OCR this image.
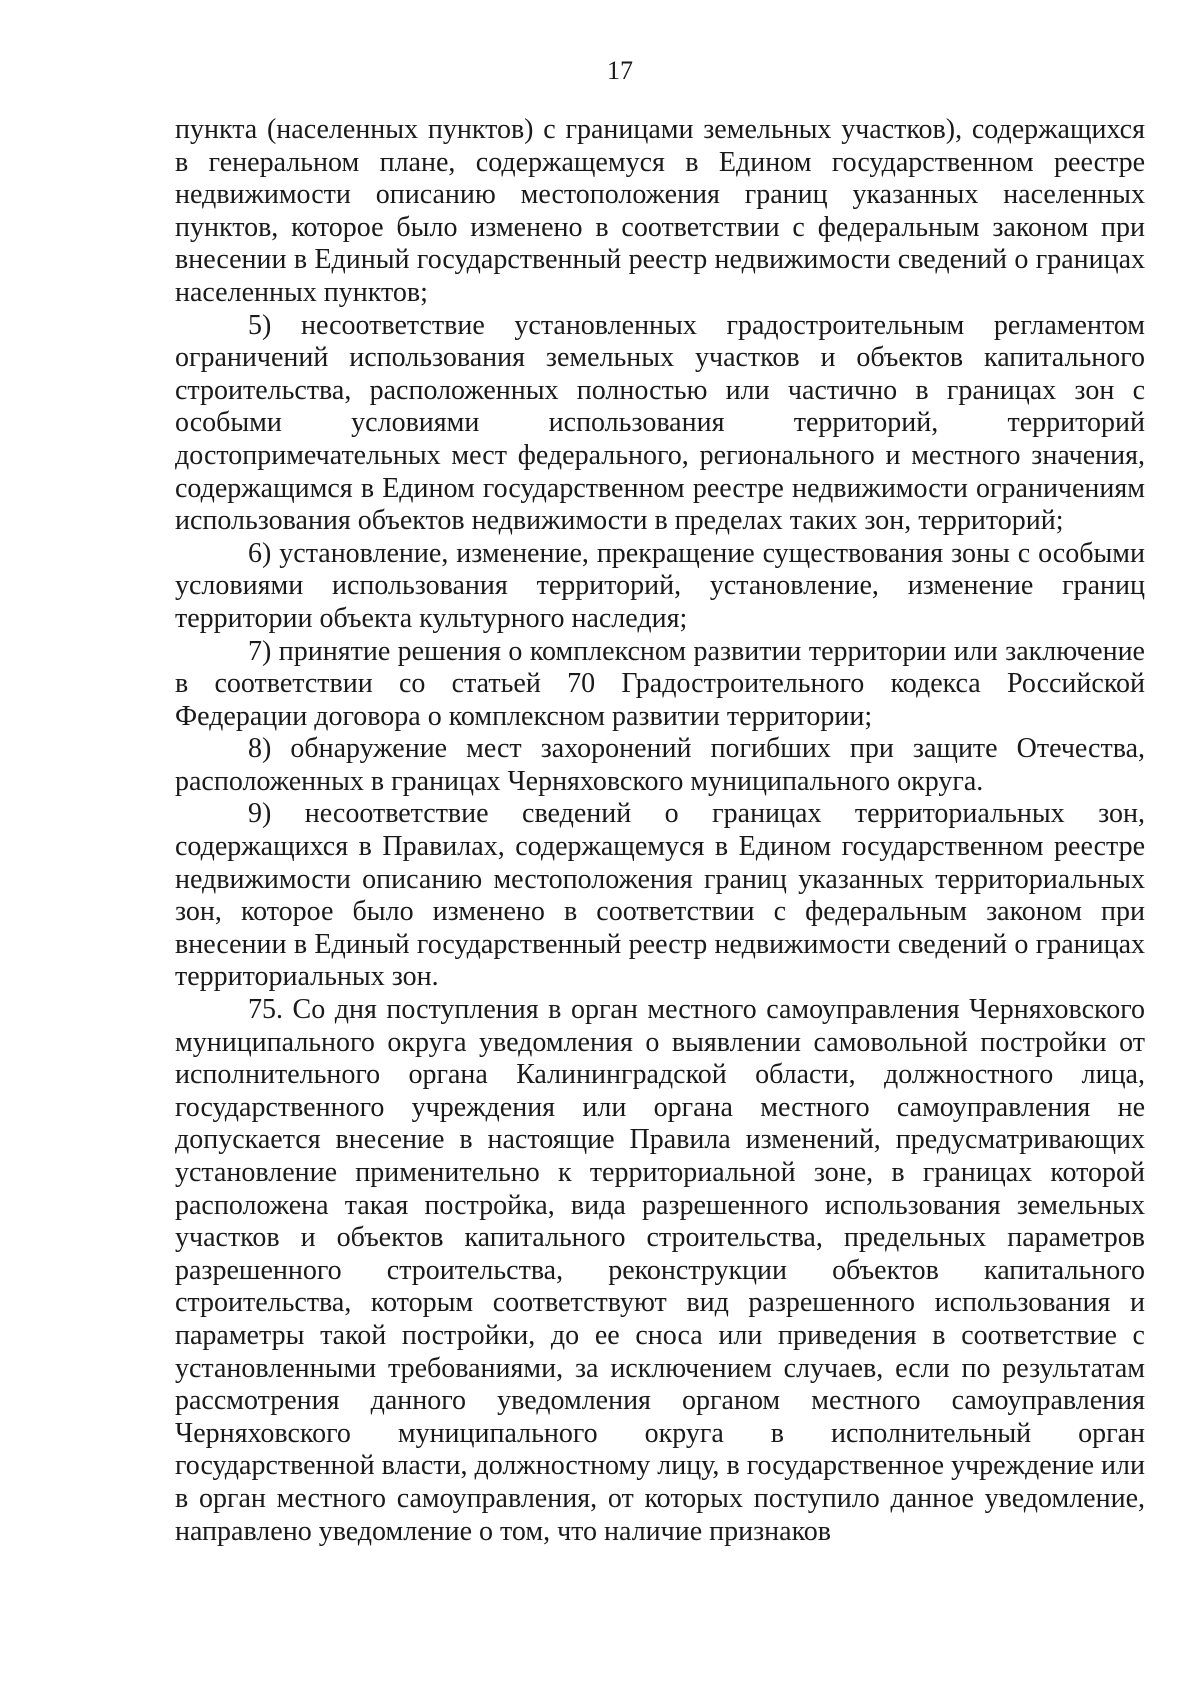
17

пункта (населенных пунктов) с границами земельных участков), содержащихся в генеральном плане, содержащемуся в Едином государственном реестре недвижимости описанию местоположения границ указанных населенных пунктов, которое было изменено в соответствии с федеральным законом при внесении в Единый государственный реестр недвижимости сведений о границах населенных пунктов;

5) несоответствие установленных градостроительным регламентом ограничений использования земельных участков и объектов капитального строительства, расположенных полностью или частично в границах зон с особыми условиями использования территорий, территорий достопримечательных мест федерального, регионального и местного значения, содержащимся в Едином государственном реестре недвижимости ограничениям использования объектов недвижимости в пределах таких зон, территорий;

6) установление, изменение, прекращение существования зоны с особыми условиями использования территорий, установление, изменение границ территории объекта культурного наследия;

7) принятие решения о комплексном развитии территории или заключение в соответствии со статьей 70 Градостроительного кодекса Российской Федерации договора о комплексном развитии территории;

8) обнаружение мест захоронений погибших при защите Отечества, расположенных в границах Черняховского муниципального округа.

9) несоответствие сведений о границах территориальных зон, содержащихся в Правилах, содержащемуся в Едином государственном реестре недвижимости описанию местоположения границ указанных территориальных зон, которое было изменено в соответствии с федеральным законом при внесении в Единый государственный реестр недвижимости сведений о границах территориальных зон.

75. Со дня поступления в орган местного самоуправления Черняховского муниципального округа уведомления о выявлении самовольной постройки от исполнительного органа Калининградской области, должностного лица, государственного учреждения или органа местного самоуправления не допускается внесение в настоящие Правила изменений, предусматривающих установление применительно к территориальной зоне, в границах которой расположена такая постройка, вида разрешенного использования земельных участков и объектов капитального строительства, предельных параметров разрешенного строительства, реконструкции объектов капитального строительства, которым соответствуют вид разрешенного использования и параметры такой постройки, до ее сноса или приведения в соответствие с установленными требованиями, за исключением случаев, если по результатам рассмотрения данного уведомления органом местного самоуправления Черняховского муниципального округа в исполнительный орган государственной власти, должностному лицу, в государственное учреждение или в орган местного самоуправления, от которых поступило данное уведомление, направлено уведомление о том, что наличие признаков
